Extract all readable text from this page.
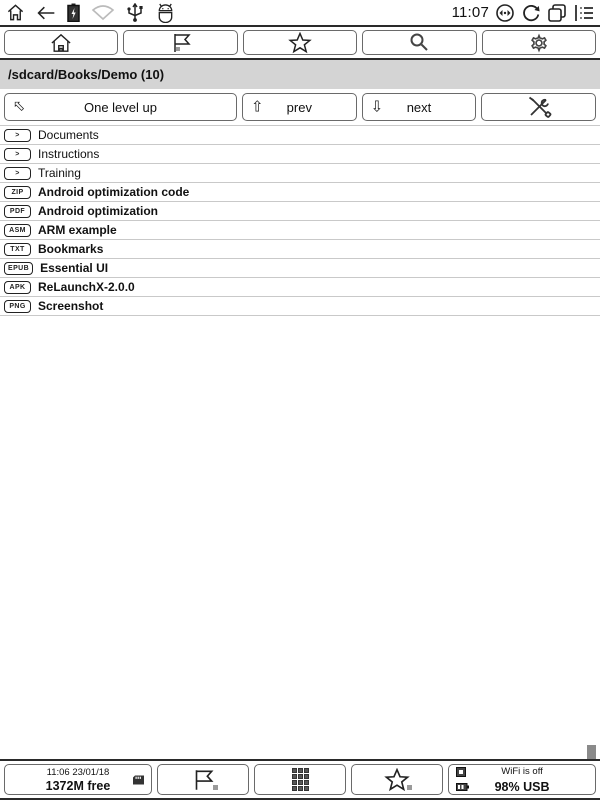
11:07
/sdcard/Books/Demo (10)
⇧	One level up	⇧ prev	⇩ next
>	Documents
>	Instructions
>	Training
ZIP	Android optimization code
PDF	Android optimization
ASM	ARM example
TXT	Bookmarks
EPUB Essential UI
APK	ReLaunchX-2.0.0
PNG	Screenshot
11:06 23/01/18
1372M free
WiFi is off
98% USB
